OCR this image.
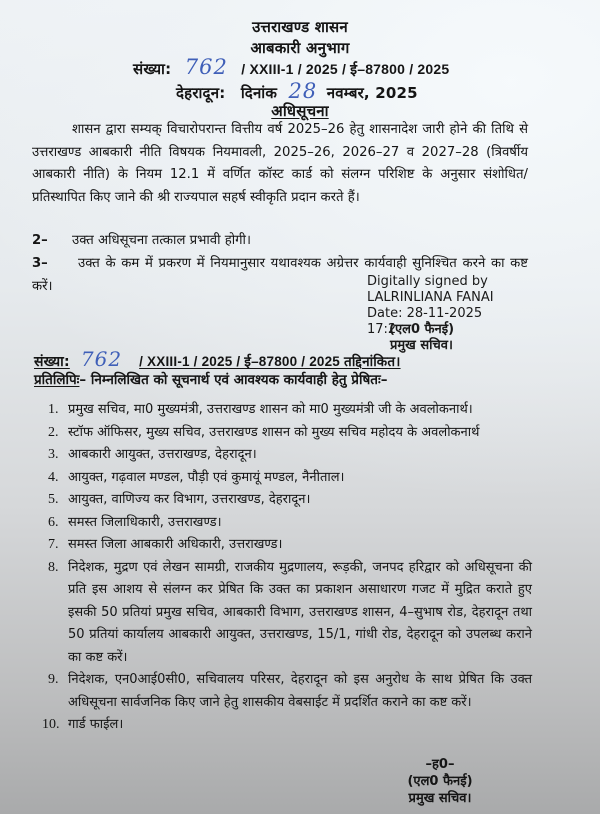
उत्तराखण्ड शासन
आबकारी अनुभाग
संख्या: 762 / XXIII-1 / 2025 / ई–87800 / 2025
देहरादून: दिनांक 28 नवम्बर, 2025
अधिसूचना
शासन द्वारा सम्यक् विचारोपरान्त वित्तीय वर्ष 2025–26 हेतु शासनादेश जारी होने की तिथि से उत्तराखण्ड आबकारी नीति विषयक नियमावली, 2025–26, 2026–27 व 2027–28 (त्रिवर्षीय आबकारी नीति) के नियम 12.1 में वर्णित कॉस्ट कार्ड को संलग्न परिशिष्ट के अनुसार संशोधित/प्रतिस्थापित किए जाने की श्री राज्यपाल सहर्ष स्वीकृति प्रदान करते हैं।
2– उक्त अधिसूचना तत्काल प्रभावी होगी।
3– उक्त के कम में प्रकरण में नियमानुसार यथावश्यक अग्रेत्तर कार्यवाही सुनिश्चित करने का कष्ट करें।	Digitally signed by
LALRINLIANA FANAI
Date: 28-11-2025
17:2
(एल0 फैनई)
प्रमुख सचिव।
संख्या: 762 / XXIII-1 / 2025 / ई–87800 / 2025 तद्दिनांकित।
प्रतिलिपिः– निम्नलिखित को सूचनार्थ एवं आवश्यक कार्यवाही हेतु प्रेषितः–
1. प्रमुख सचिव, मा0 मुख्यमंत्री, उत्तराखण्ड शासन को मा0 मुख्यमंत्री जी के अवलोकनार्थ।
2. स्टॉफ ऑफिसर, मुख्य सचिव, उत्तराखण्ड शासन को मुख्य सचिव महोदय के अवलोकनार्थ
3. आबकारी आयुक्त, उत्तराखण्ड, देहरादून।
4. आयुक्त, गढ़वाल मण्डल, पौड़ी एवं कुमायूं मण्डल, नैनीताल।
5. आयुक्त, वाणिज्य कर विभाग, उत्तराखण्ड, देहरादून।
6. समस्त जिलाधिकारी, उत्तराखण्ड।
7. समस्त जिला आबकारी अधिकारी, उत्तराखण्ड।
8. निदेशक, मुद्रण एवं लेखन सामग्री, राजकीय मुद्रणालय, रूड़की, जनपद हरिद्वार को अधिसूचना की प्रति इस आशय से संलग्न कर प्रेषित कि उक्त का प्रकाशन असाधारण गजट में मुद्रित कराते हुए इसकी 50 प्रतियां प्रमुख सचिव, आबकारी विभाग, उत्तराखण्ड शासन, 4–सुभाष रोड, देहरादून तथा 50 प्रतियां कार्यालय आबकारी आयुक्त, उत्तराखण्ड, 15/1, गांधी रोड, देहरादून को उपलब्ध कराने का कष्ट करें।
9. निदेशक, एन0आई0सी0, सचिवालय परिसर, देहरादून को इस अनुरोध के साथ प्रेषित कि उक्त अधिसूचना सार्वजनिक किए जाने हेतु शासकीय वेबसाईट में प्रदर्शित कराने का कष्ट करें।
10. गार्ड फाईल।
–ह0–
(एल0 फैनई)
प्रमुख सचिव।
